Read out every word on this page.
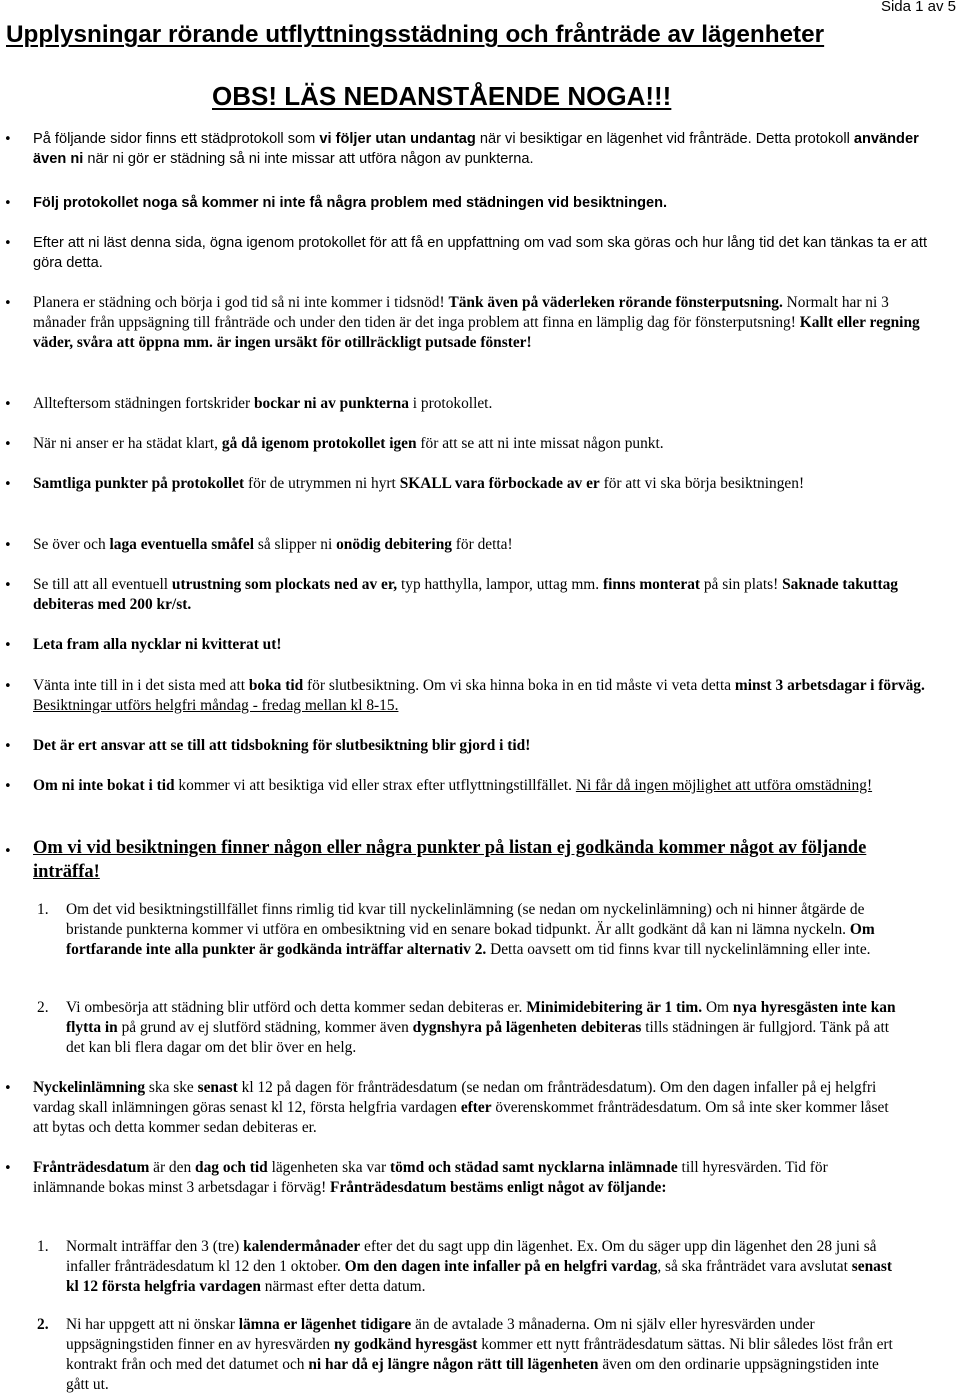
Sida 1 av 5
Upplysningar rörande utflyttningsstädning och frånträde av lägenheter
OBS! LÄS NEDANSTÅENDE NOGA!!!
• På följande sidor finns ett städprotokoll som vi följer utan undantag när vi besiktigar en lägenhet vid frånträde. Detta protokoll använder även ni när ni gör er städning så ni inte missar att utföra någon av punkterna.
• Följ protokollet noga så kommer ni inte få några problem med städningen vid besiktningen.
• Efter att ni läst denna sida, ögna igenom protokollet för att få en uppfattning om vad som ska göras och hur lång tid det kan tänkas ta er att göra detta.
• Planera er städning och börja i god tid så ni inte kommer i tidsnöd! Tänk även på väderleken rörande fönsterputsning. Normalt har ni 3 månader från uppsägning till frånträde och under den tiden är det inga problem att finna en lämplig dag för fönsterputsning! Kallt eller regning väder, svåra att öppna mm. är ingen ursäkt för otillräckligt putsade fönster!
• Allteftersom städningen fortskrider bockar ni av punkterna i protokollet.
• När ni anser er ha städat klart, gå då igenom protokollet igen för att se att ni inte missat någon punkt.
• Samtliga punkter på protokollet för de utrymmen ni hyrt SKALL vara förbockade av er för att vi ska börja besiktningen!
• Se över och laga eventuella småfel så slipper ni onödig debitering för detta!
• Se till att all eventuell utrustning som plockats ned av er, typ hatthylla, lampor, uttag mm. finns monterat på sin plats! Saknade takuttag debiteras med 200 kr/st.
• Leta fram alla nycklar ni kvitterat ut!
• Vänta inte till in i det sista med att boka tid för slutbesiktning. Om vi ska hinna boka in en tid måste vi veta detta minst 3 arbetsdagar i förväg. Besiktningar utförs helgfri måndag - fredag mellan kl 8-15.
• Det är ert ansvar att se till att tidsbokning för slutbesiktning blir gjord i tid!
• Om ni inte bokat i tid kommer vi att besiktiga vid eller strax efter utflyttningstillfället. Ni får då ingen möjlighet att utföra omstädning!
• Om vi vid besiktningen finner någon eller några punkter på listan ej godkända kommer något av följande inträffa!
1. Om det vid besiktningstillfället finns rimlig tid kvar till nyckelinlämning (se nedan om nyckelinlämning) och ni hinner åtgärde de bristande punkterna kommer vi utföra en ombesiktning vid en senare bokad tidpunkt. Är allt godkänt då kan ni lämna nyckeln. Om fortfarande inte alla punkter är godkända inträffar alternativ 2. Detta oavsett om tid finns kvar till nyckelinlämning eller inte.
2. Vi ombesörja att städning blir utförd och detta kommer sedan debiteras er. Minimidebitering är 1 tim. Om nya hyresgästen inte kan flytta in på grund av ej slutförd städning, kommer även dygnshyra på lägenheten debiteras tills städningen är fullgjord. Tänk på att det kan bli flera dagar om det blir över en helg.
• Nyckelinlämning ska ske senast kl 12 på dagen för frånträdesdatum (se nedan om frånträdesdatum). Om den dagen infaller på ej helgfri vardag skall inlämningen göras senast kl 12, första helgfria vardagen efter överenskommet frånträdesdatum. Om så inte sker kommer låset att bytas och detta kommer sedan debiteras er.
• Frånträdesdatum är den dag och tid lägenheten ska var tömd och städad samt nycklarna inlämnade till hyresvärden. Tid för inlämnande bokas minst 3 arbetsdagar i förväg! Frånträdesdatum bestäms enligt något av följande:
1. Normalt inträffar den 3 (tre) kalendermånader efter det du sagt upp din lägenhet. Ex. Om du säger upp din lägenhet den 28 juni så infaller frånträdesdatum kl 12 den 1 oktober. Om den dagen inte infaller på en helgfri vardag, så ska frånträdet vara avslutat senast kl 12 första helgfria vardagen närmast efter detta datum.
2. Ni har uppgett att ni önskar lämna er lägenhet tidigare än de avtalade 3 månaderna. Om ni själv eller hyresvärden under uppsägningstiden finner en av hyresvärden ny godkänd hyresgäst kommer ett nytt frånträdesdatum sättas. Ni blir således löst från ert kontrakt från och med det datumet och ni har då ej längre någon rätt till lägenheten även om den ordinarie uppsägningstiden inte gått ut.
